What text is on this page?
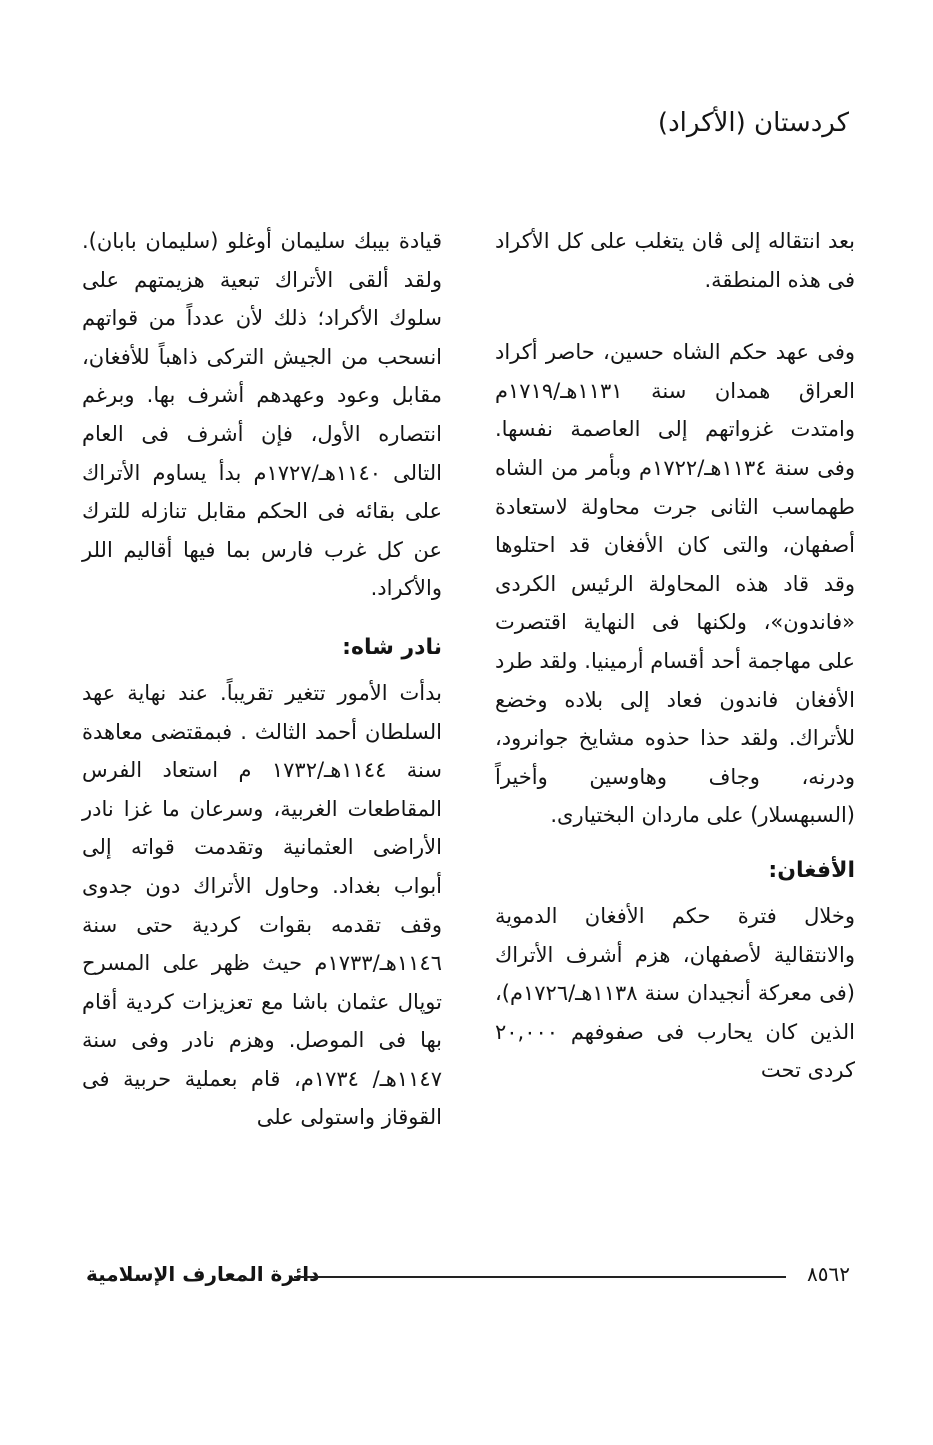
كردستان (الأكراد)

بعد انتقاله إلى ڤان يتغلب على كل الأكراد فى هذه المنطقة.

وفى عهد حكم الشاه حسين، حاصر أكراد العراق همدان سنة ١١٣١هـ/١٧١٩م وامتدت غزواتهم إلى العاصمة نفسها. وفى سنة ١١٣٤هـ/١٧٢٢م وبأمر من الشاه طهماسب الثانى جرت محاولة لاستعادة أصفهان، والتى كان الأفغان قد احتلوها وقد قاد هذه المحاولة الرئيس الكردى «فاندون»، ولكنها فى النهاية اقتصرت على مهاجمة أحد أقسام أرمينيا. ولقد طرد الأفغان فاندون فعاد إلى بلاده وخضع للأتراك. ولقد حذا حذوه مشايخ جوانرود، ودرنه، وجاف وهاوسين وأخيراً (السبهسلار) على ماردان البختيارى.

الأفغان:

وخلال فترة حكم الأفغان الدموية والانتقالية لأصفهان، هزم أشرف الأتراك (فى معركة أنجيدان سنة ١١٣٨هـ/١٧٢٦م)، الذين كان يحارب فى صفوفهم ٢٠,٠٠٠ كردى تحت

قيادة بيبك سليمان أوغلو (سليمان بابان). ولقد ألقى الأتراك تبعية هزيمتهم على سلوك الأكراد؛ ذلك لأن عدداً من قواتهم انسحب من الجيش التركى ذاهباً للأفغان، مقابل وعود وعهدهم أشرف بها. وبرغم انتصاره الأول، فإن أشرف فى العام التالى ١١٤٠هـ/١٧٢٧م بدأ يساوم الأتراك على بقائه فى الحكم مقابل تنازله للترك عن كل غرب فارس بما فيها أقاليم اللر والأكراد.

نادر شاه:

بدأت الأمور تتغير تقريباً. عند نهاية عهد السلطان أحمد الثالث . فبمقتضى معاهدة سنة ١١٤٤هـ/١٧٣٢ م استعاد الفرس المقاطعات الغربية، وسرعان ما غزا نادر الأراضى العثمانية وتقدمت قواته إلى أبواب بغداد. وحاول الأتراك دون جدوى وقف تقدمه بقوات كردية حتى سنة ١١٤٦هـ/١٧٣٣م حيث ظهر على المسرح توپال عثمان باشا مع تعزيزات كردية أقام بها فى الموصل. وهزم نادر وفى سنة ١١٤٧هـ/ ١٧٣٤م، قام بعملية حربية فى القوقاز واستولى على

دائرة المعارف الإسلامية	٨٥٦٢
